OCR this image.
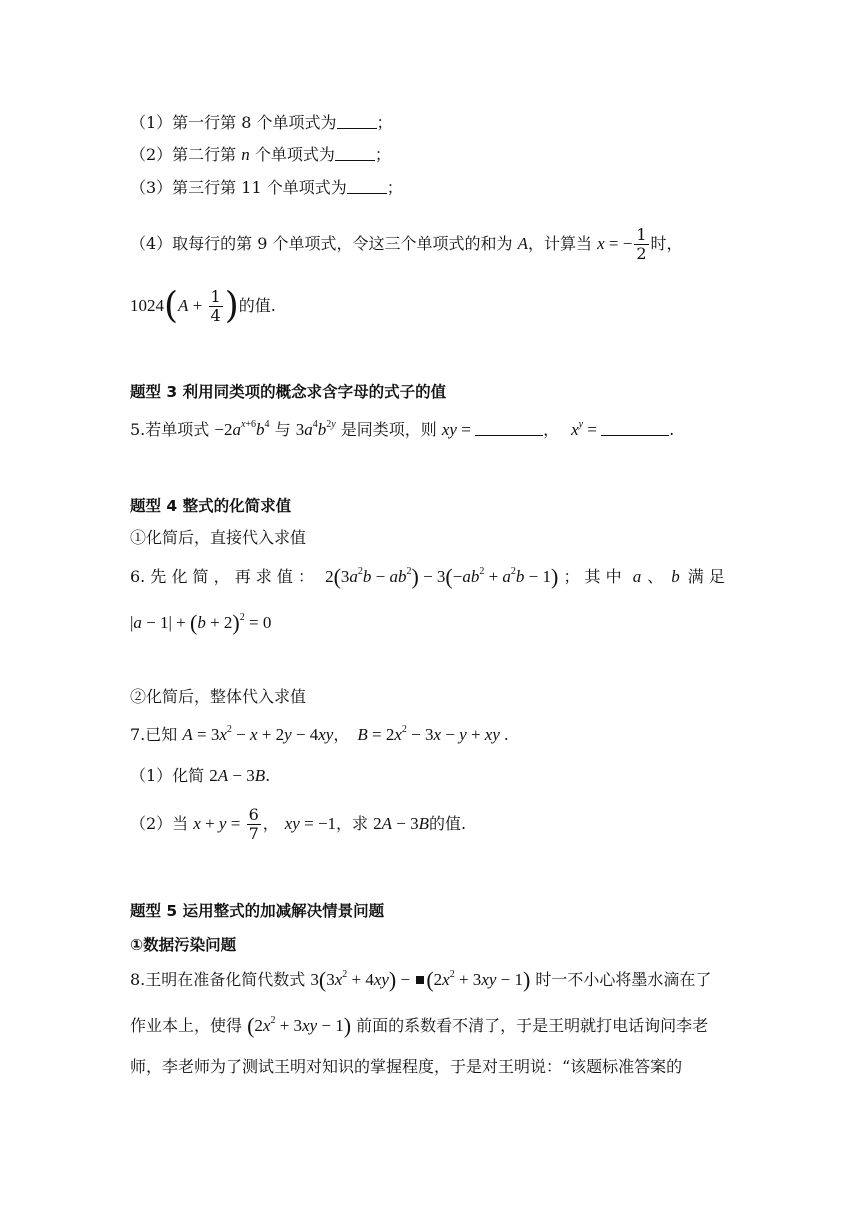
（1）第一行第 8 个单项式为	；
（2）第二行第 n 个单项式为	；
（3）第三行第 11 个单项式为	；
（4）取每行的第 9 个单项式，令这三个单项式的和为 A，计算当 x = − $\frac{1}{2}$ 时，
$1024(A + \frac{1}{4}$ )的值.
题型 3 利用同类项的概念求含字母的式子的值
5.若单项式 $-2a^{x+6}b^4$ 与 $3a^4b^{2y}$ 是同类项，则 xy =	， $x^y$ =	.
题型 4 整式的化简求值
①化简后，直接代入求值
6. 先 化 简 ， 再 求 值 ： $2(3a^2b - ab^2) - 3(-ab^2 + a^2b - 1)$ ； 其 中 a 、 b 满 足
$|a - 1| + (b + 2)^2 = 0$
②化简后，整体代入求值
7.已知 $A = 3x^2 - x + 2y - 4xy$， $B = 2x^2 - 3x - y$ + xy .
（1）化简 2A − 3B.
（2）当 $x + y = \frac{6}{7}$ ， xy = −1，求 2A − 3B的值.
题型 5 运用整式的加减解决情景问题
①数据污染问题
8.王明在准备化简代数式 $3(3x^2 + 4xy) - (2x^2 + 3xy - 1)$ 时一不小心将墨水滴在了
作业本上，使得 $(2x^2 + 3xy - 1)$ 前面的系数看不清了，于是王明就打电话询问李老
师，李老师为了测试王明对知识的掌握程度，于是对王明说：“该题标准答案的
